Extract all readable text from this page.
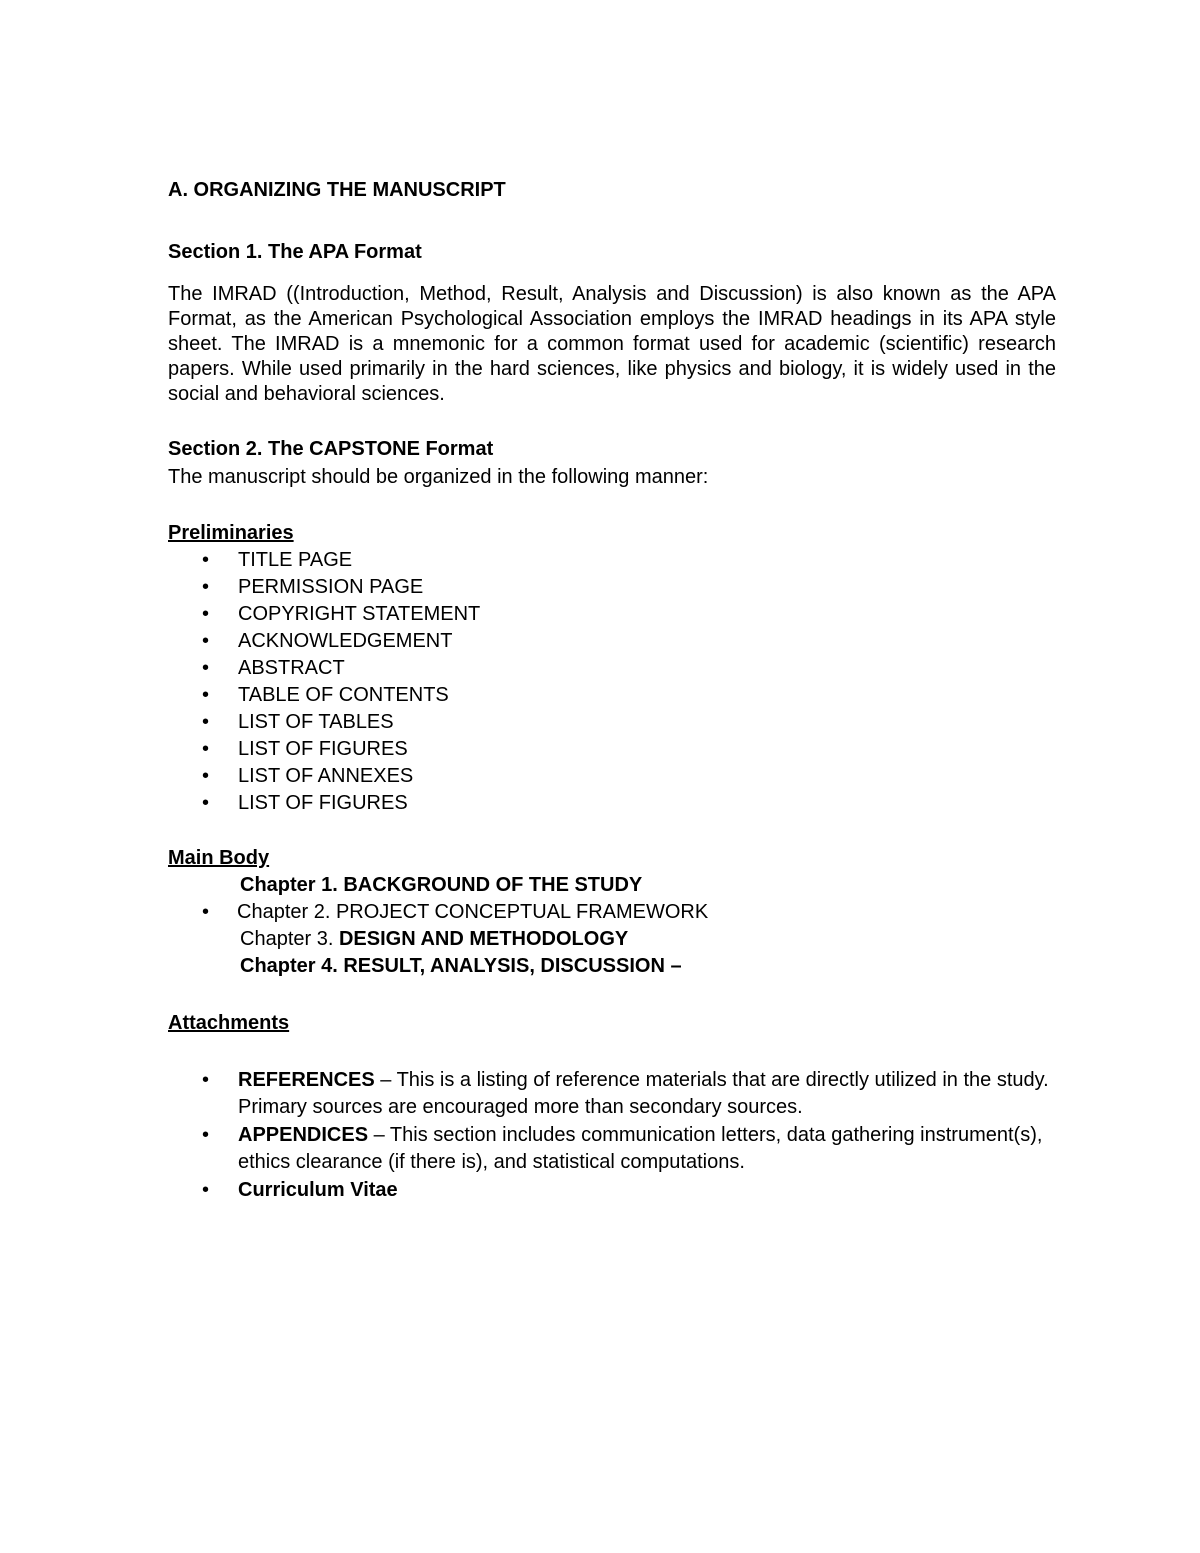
A. ORGANIZING THE MANUSCRIPT
Section 1. The APA Format

The IMRAD ((Introduction, Method, Result, Analysis and Discussion) is also known as the APA Format, as the American Psychological Association employs the IMRAD headings in its APA style sheet. The IMRAD is a mnemonic for a common format used for academic (scientific) research papers. While used primarily in the hard sciences, like physics and biology, it is widely used in the social and behavioral sciences.

Section 2. The CAPSTONE Format

The manuscript should be organized in the following manner:

Preliminaries
• TITLE PAGE
• PERMISSION PAGE
• COPYRIGHT STATEMENT
• ACKNOWLEDGEMENT
• ABSTRACT
• TABLE OF CONTENTS
• LIST OF TABLES
• LIST OF FIGURES
• LIST OF ANNEXES
• LIST OF FIGURES
Main Body
Chapter 1. BACKGROUND OF THE STUDY
• Chapter 2. PROJECT CONCEPTUAL FRAMEWORK
Chapter 3. DESIGN AND METHODOLOGY
Chapter 4. RESULT, ANALYSIS, DISCUSSION –
Attachments
• REFERENCES – This is a listing of reference materials that are directly utilized in the study. Primary sources are encouraged more than secondary sources.
• APPENDICES – This section includes communication letters, data gathering instrument(s), ethics clearance (if there is), and statistical computations.
• Curriculum Vitae
